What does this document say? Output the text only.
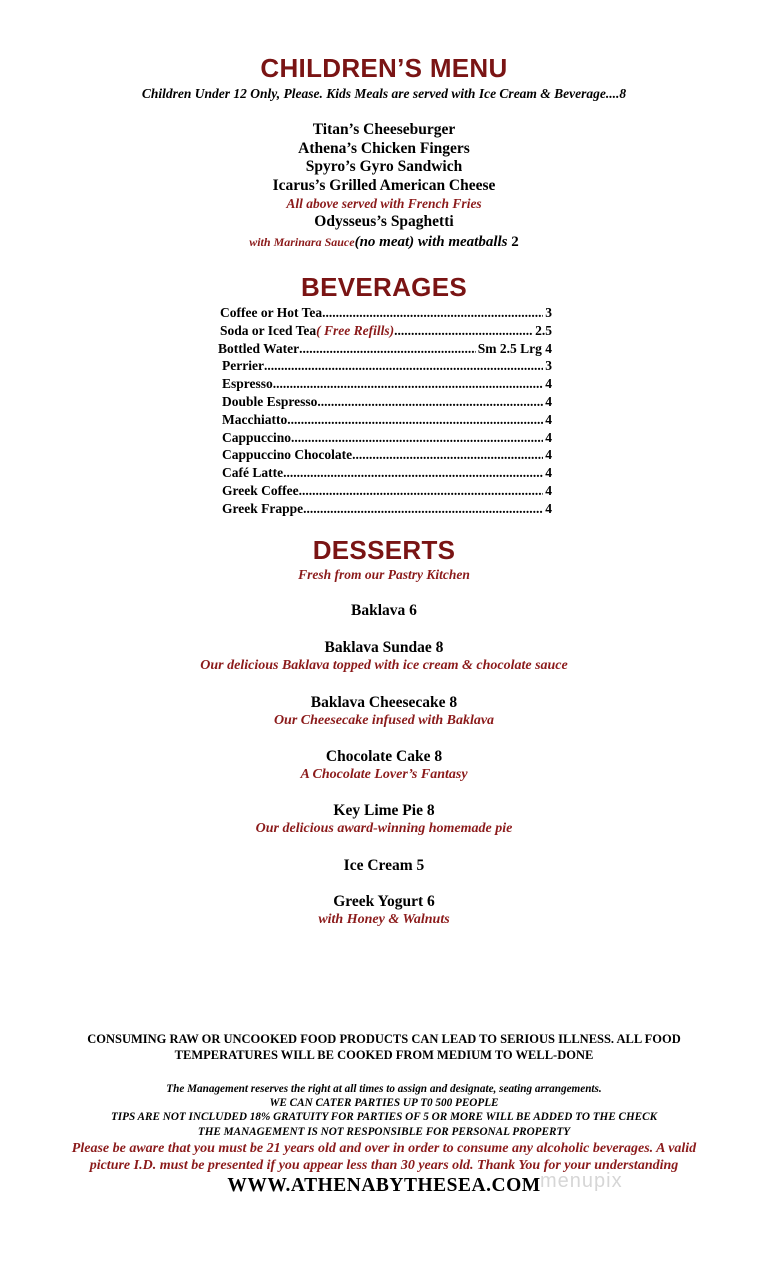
CHILDREN’S MENU
Children Under 12 Only, Please. Kids Meals are served with Ice Cream & Beverage....8
Titan’s Cheeseburger
Athena’s Chicken Fingers
Spyro’s Gyro Sandwich
Icarus’s Grilled American Cheese
All above served with French Fries
Odysseus’s Spaghetti
with Marinara Sauce(no meat) with meatballs 2
BEVERAGES
Coffee or Hot Tea .....	3
Soda or Iced Tea ( Free Refills) .....	2.5
Bottled Water .....	Sm 2.5 Lrg 4
Perrier .....	3
Espresso .....	4
Double Espresso .....	4
Macchiatto .....	4
Cappuccino .....	4
Cappuccino Chocolate .....	4
Café Latte .....	4
Greek Coffee .....	4
Greek Frappe .....	4
DESSERTS
Fresh from our Pastry Kitchen
Baklava 6
Baklava Sundae 8
Our delicious Baklava topped with ice cream & chocolate sauce
Baklava Cheesecake 8
Our Cheesecake infused with Baklava
Chocolate Cake 8
A Chocolate Lover’s Fantasy
Key Lime Pie 8
Our delicious award-winning homemade pie
Ice Cream 5
Greek Yogurt 6
with Honey & Walnuts
CONSUMING RAW OR UNCOOKED FOOD PRODUCTS CAN LEAD TO SERIOUS ILLNESS. ALL FOOD
TEMPERATURES WILL BE COOKED FROM MEDIUM TO WELL-DONE
The Management reserves the right at all times to assign and designate, seating arrangements.
WE CAN CATER PARTIES UP T0 500 PEOPLE
TIPS ARE NOT INCLUDED 18% GRATUITY FOR PARTIES OF 5 OR MORE WILL BE ADDED TO THE CHECK
THE MANAGEMENT IS NOT RESPONSIBLE FOR PERSONAL PROPERTY
Please be aware that you must be 21 years old and over in order to consume any alcoholic beverages. A valid
picture I.D. must be presented if you appear less than 30 years old. Thank You for your understanding
WWW.ATHENABYTHESEA.COM menupix
